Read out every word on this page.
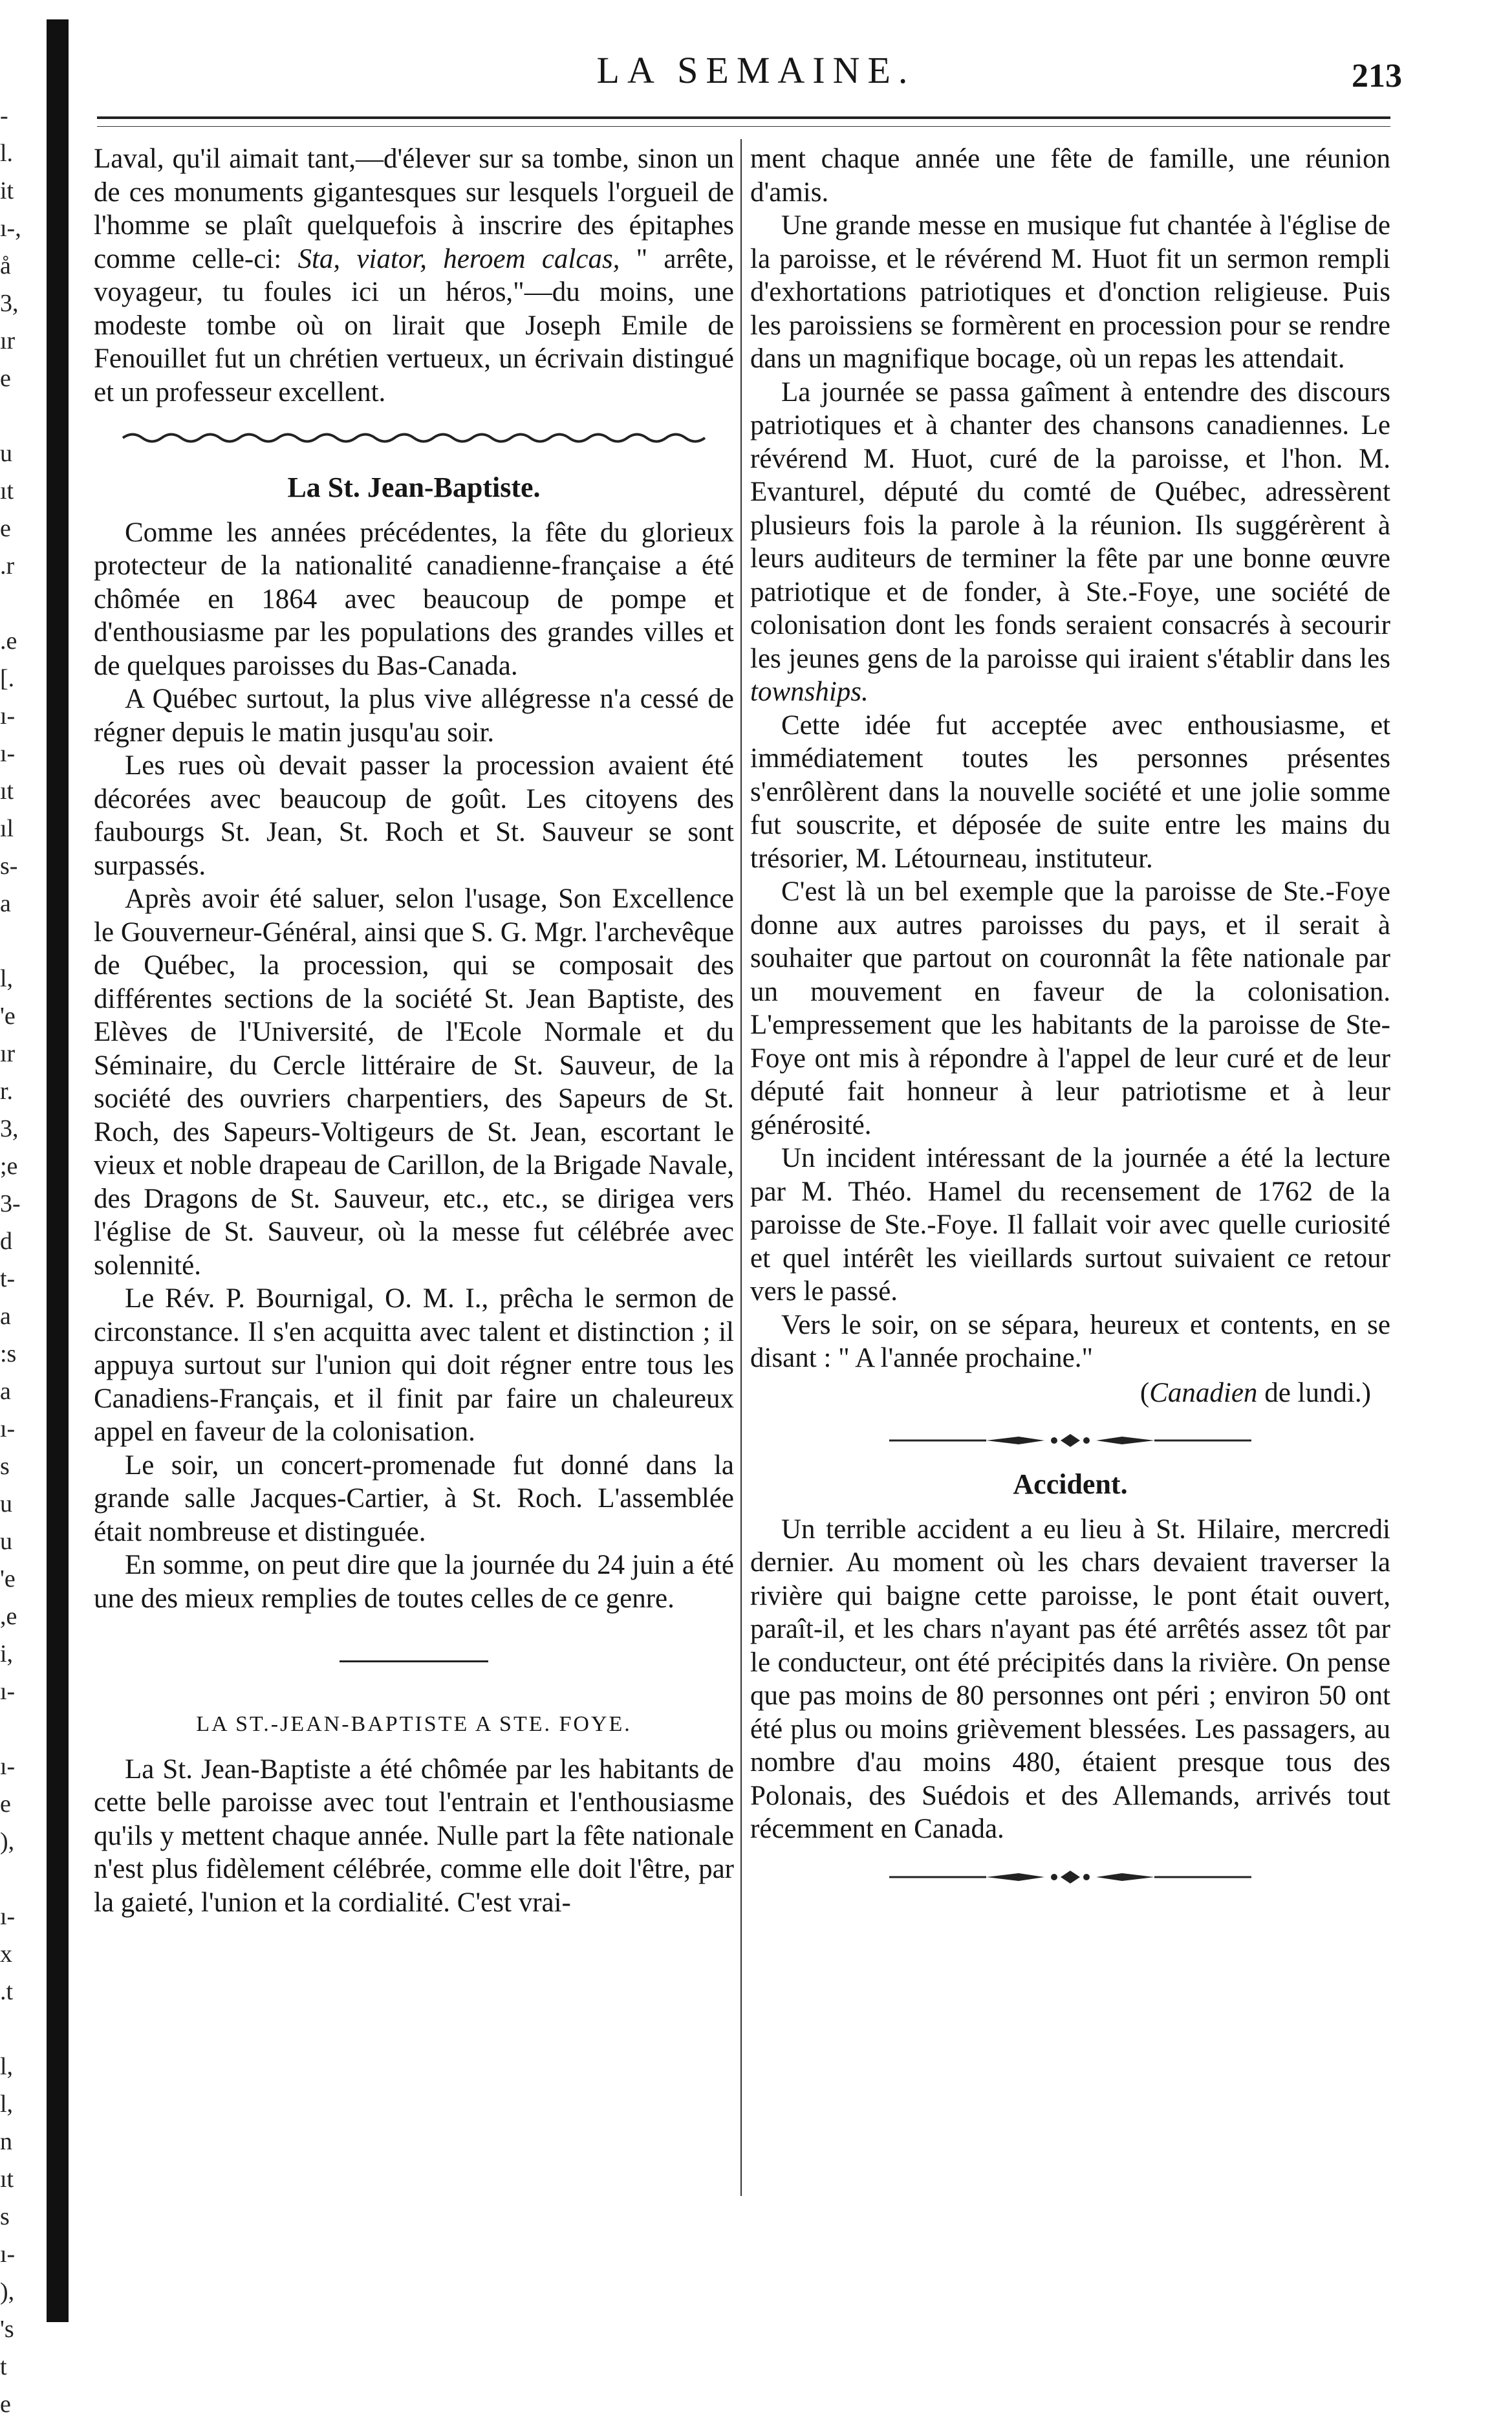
-
l.
it
ı-,
å
3,
ır
e

u
ıt
e
.r

.e
[.
ı-
ı-
ıt
ıl
s-
a

l,
'e
ır
r.
3,
;e
3-
d
t-
a
:s
a
ı-
s
u
u
'e
,e
i,
ı-

ı-
e
),

ı-
x
.t

l,
l,
n
ıt
s
ı-
),
's
t
e
LA SEMAINE.	213

Laval, qu'il aimait tant,—d'élever sur sa tombe, sinon un de ces monuments gigantesques sur lesquels l'orgueil de l'homme se plaît quelquefois à inscrire des épitaphes comme celle-ci: Sta, viator, heroem calcas, " arrête, voyageur, tu foules ici un héros,"—du moins, une modeste tombe où on lirait que Joseph Emile de Fenouillet fut un chrétien vertueux, un écrivain distingué et un professeur excellent.

La St. Jean-Baptiste.

Comme les années précédentes, la fête du glorieux protecteur de la nationalité canadienne-française a été chômée en 1864 avec beaucoup de pompe et d'enthousiasme par les populations des grandes villes et de quelques paroisses du Bas-Canada.

A Québec surtout, la plus vive allégresse n'a cessé de régner depuis le matin jusqu'au soir.

Les rues où devait passer la procession avaient été décorées avec beaucoup de goût. Les citoyens des faubourgs St. Jean, St. Roch et St. Sauveur se sont surpassés.

Après avoir été saluer, selon l'usage, Son Excellence le Gouverneur-Général, ainsi que S. G. Mgr. l'archevêque de Québec, la procession, qui se composait des différentes sections de la société St. Jean Baptiste, des Elèves de l'Université, de l'Ecole Normale et du Séminaire, du Cercle littéraire de St. Sauveur, de la société des ouvriers charpentiers, des Sapeurs de St. Roch, des Sapeurs-Voltigeurs de St. Jean, escortant le vieux et noble drapeau de Carillon, de la Brigade Navale, des Dragons de St. Sauveur, etc., etc., se dirigea vers l'église de St. Sauveur, où la messe fut célébrée avec solennité.

Le Rév. P. Bournigal, O. M. I., prêcha le sermon de circonstance. Il s'en acquitta avec talent et distinction ; il appuya surtout sur l'union qui doit régner entre tous les Canadiens-Français, et il finit par faire un chaleureux appel en faveur de la colonisation.

Le soir, un concert-promenade fut donné dans la grande salle Jacques-Cartier, à St. Roch. L'assemblée était nombreuse et distinguée.

En somme, on peut dire que la journée du 24 juin a été une des mieux remplies de toutes celles de ce genre.

LA ST.-JEAN-BAPTISTE A STE. FOYE.

La St. Jean-Baptiste a été chômée par les habitants de cette belle paroisse avec tout l'entrain et l'enthousiasme qu'ils y mettent chaque année. Nulle part la fête nationale n'est plus fidèlement célébrée, comme elle doit l'être, par la gaieté, l'union et la cordialité. C'est vrai-

ment chaque année une fête de famille, une réunion d'amis.

Une grande messe en musique fut chantée à l'église de la paroisse, et le révérend M. Huot fit un sermon rempli d'exhortations patriotiques et d'onction religieuse. Puis les paroissiens se formèrent en procession pour se rendre dans un magnifique bocage, où un repas les attendait.

La journée se passa gaîment à entendre des discours patriotiques et à chanter des chansons canadiennes. Le révérend M. Huot, curé de la paroisse, et l'hon. M. Evanturel, député du comté de Québec, adressèrent plusieurs fois la parole à la réunion. Ils suggérèrent à leurs auditeurs de terminer la fête par une bonne œuvre patriotique et de fonder, à Ste.-Foye, une société de colonisation dont les fonds seraient consacrés à secourir les jeunes gens de la paroisse qui iraient s'établir dans les townships.

Cette idée fut acceptée avec enthousiasme, et immédiatement toutes les personnes présentes s'enrôlèrent dans la nouvelle société et une jolie somme fut souscrite, et déposée de suite entre les mains du trésorier, M. Létourneau, instituteur.

C'est là un bel exemple que la paroisse de Ste.-Foye donne aux autres paroisses du pays, et il serait à souhaiter que partout on couronnât la fête nationale par un mouvement en faveur de la colonisation. L'empressement que les habitants de la paroisse de Ste-Foye ont mis à répondre à l'appel de leur curé et de leur député fait honneur à leur patriotisme et à leur générosité.

Un incident intéressant de la journée a été la lecture par M. Théo. Hamel du recensement de 1762 de la paroisse de Ste.-Foye. Il fallait voir avec quelle curiosité et quel intérêt les vieillards surtout suivaient ce retour vers le passé.

Vers le soir, on se sépara, heureux et contents, en se disant : " A l'année prochaine."

(Canadien de lundi.)
Accident.

Un terrible accident a eu lieu à St. Hilaire, mercredi dernier. Au moment où les chars devaient traverser la rivière qui baigne cette paroisse, le pont était ouvert, paraît-il, et les chars n'ayant pas été arrêtés assez tôt par le conducteur, ont été précipités dans la rivière. On pense que pas moins de 80 personnes ont péri ; environ 50 ont été plus ou moins grièvement blessées. Les passagers, au nombre d'au moins 480, étaient presque tous des Polonais, des Suédois et des Allemands, arrivés tout récemment en Canada.
